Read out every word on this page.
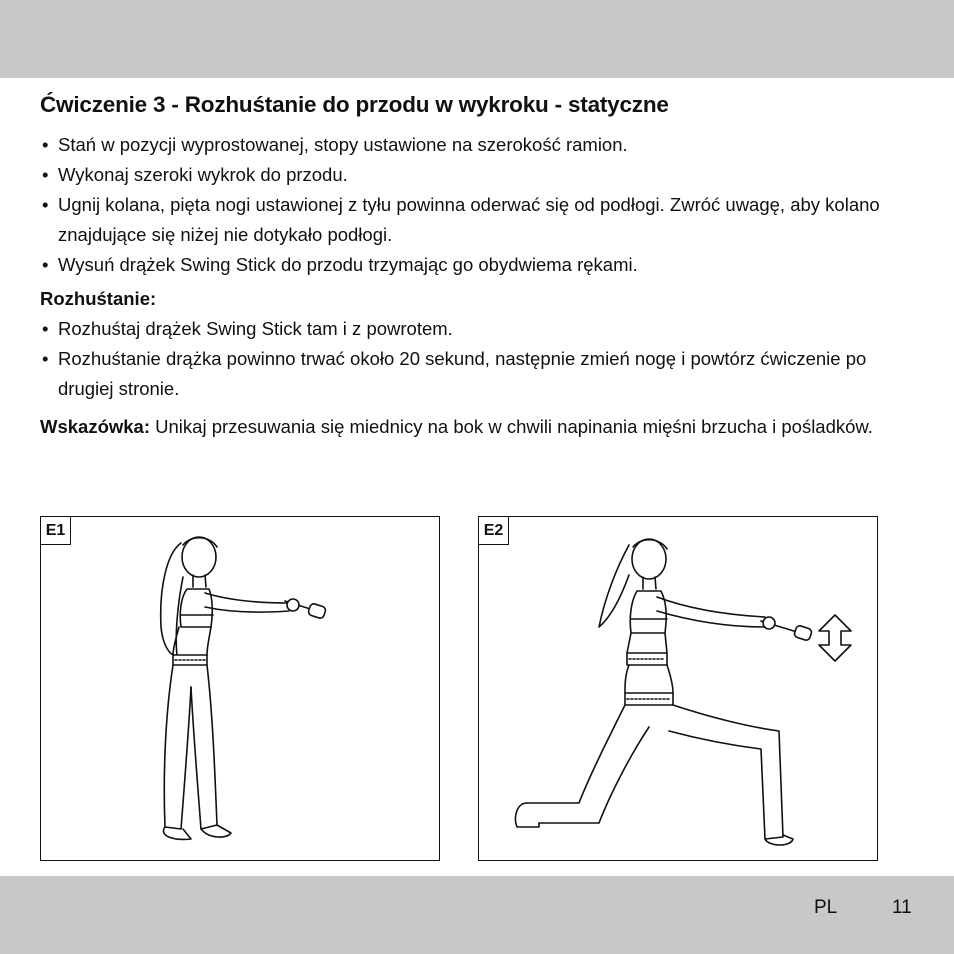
Ćwiczenie 3 - Rozhuśtanie do przodu w wykroku - statyczne
• Stań w pozycji wyprostowanej, stopy ustawione na szerokość ramion.
• Wykonaj szeroki wykrok do przodu.
• Ugnij kolana, pięta nogi ustawionej z tyłu powinna oderwać się od podłogi. Zwróć uwagę, aby kolano znajdujące się niżej nie dotykało podłogi.
• Wysuń drążek Swing Stick do przodu trzymając go obydwiema rękami.
Rozhuśtanie:
• Rozhuśtaj drążek Swing Stick tam i z powrotem.
• Rozhuśtanie drążka powinno trwać około 20 sekund, następnie zmień nogę i powtórz ćwiczenie po drugiej stronie.
Wskazówka: Unikaj przesuwania się miednicy na bok w chwili napinania mięśni brzucha i pośladków.
E1	E2
PL	11
